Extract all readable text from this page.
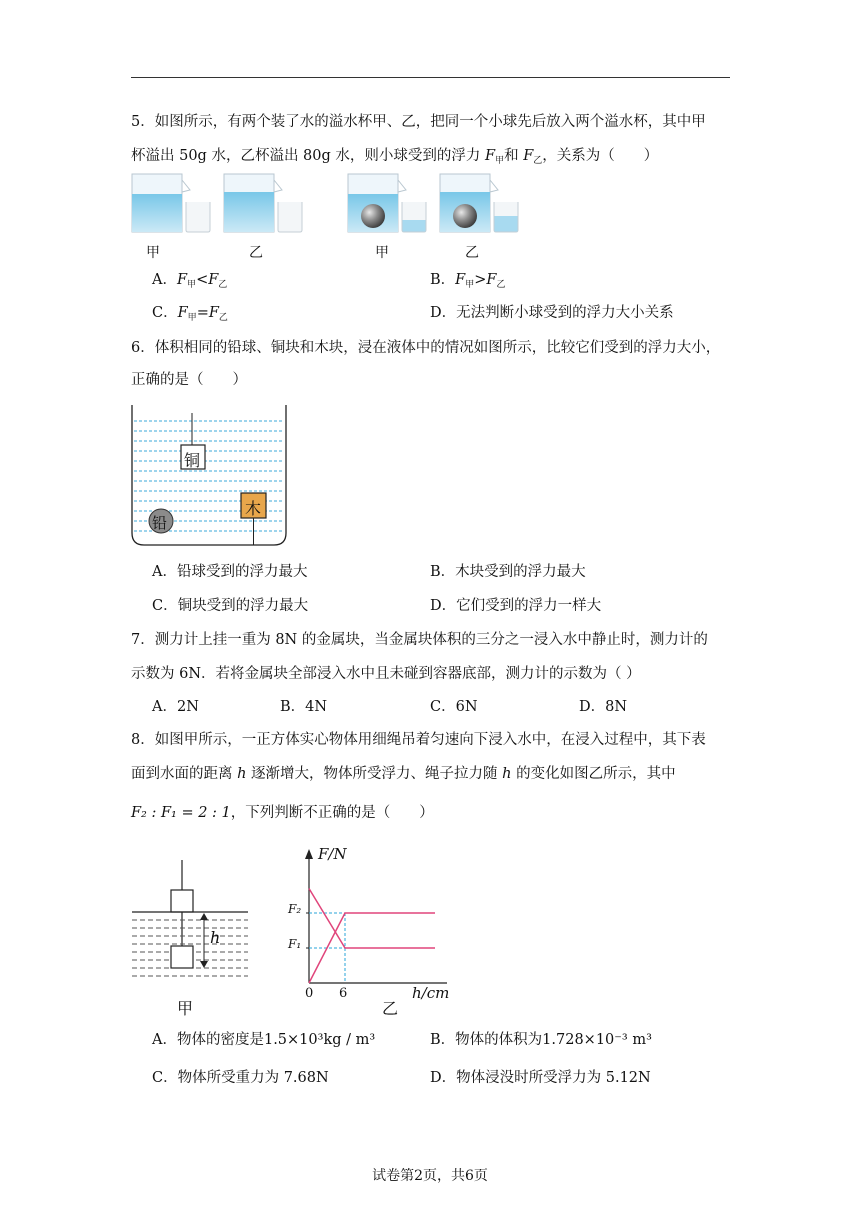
5．如图所示，有两个装了水的溢水杯甲、乙，把同一个小球先后放入两个溢水杯，其中甲
杯溢出 50g 水，乙杯溢出 80g 水，则小球受到的浮力 $F_甲$和 $F_乙$，关系为（　　）
甲	乙	甲	乙
A．$F_甲<F_乙$	B．$F_甲>F_乙$
C．$F_甲=F_乙$	D．无法判断小球受到的浮力大小关系
6．体积相同的铅球、铜块和木块，浸在液体中的情况如图所示，比较它们受到的浮力大小，
正确的是（　　）
铜
木
铅
A．铅球受到的浮力最大	B．木块受到的浮力最大
C．铜块受到的浮力最大	D．它们受到的浮力一样大
7．测力计上挂一重为 8N 的金属块，当金属块体积的三分之一浸入水中静止时，测力计的
示数为 6N．若将金属块全部浸入水中且未碰到容器底部，测力计的示数为（ ）
A．2N	B．4N	C．6N	D．8N
8．如图甲所示，一正方体实心物体用细绳吊着匀速向下浸入水中，在浸入过程中，其下表
面到水面的距离 h 逐渐增大，物体所受浮力、绳子拉力随 h 的变化如图乙所示，其中
F₂ : F₁ = 2 : 1，下列判断不正确的是（　　）
h
甲
F/N
F₂
F₁
0 6	h/cm
乙
A．物体的密度是1.5×10³kg / m³	B．物体的体积为1.728×10⁻³ m³
C．物体所受重力为 7.68N	D．物体浸没时所受浮力为 5.12N
试卷第2页，共6页
